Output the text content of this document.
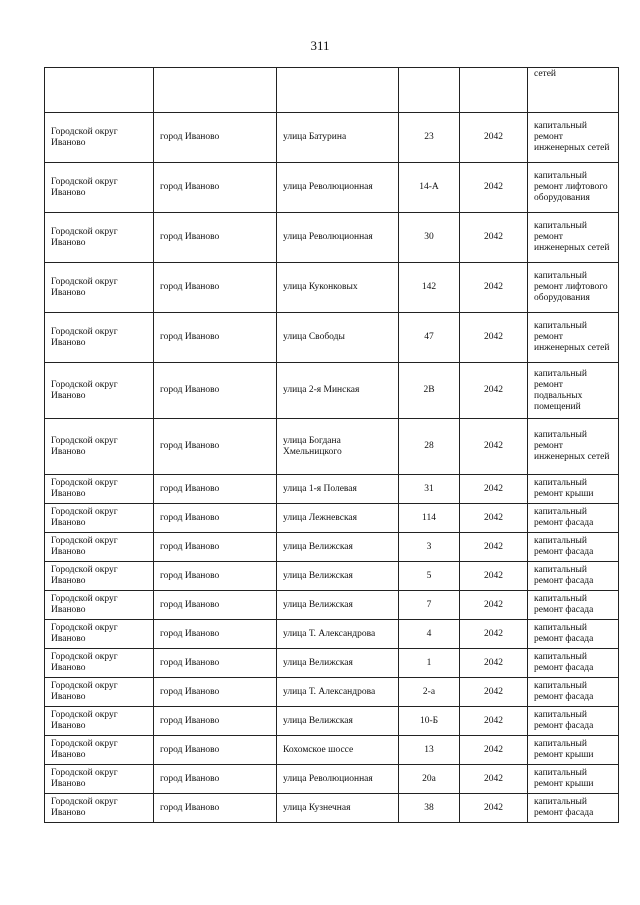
311

					сетей

Городской округ Иваново	город Иваново	улица Батурина	23	2042	капитальный ремонт инженерных сетей
Городской округ Иваново	город Иваново	улица Революционная	14-А	2042	капитальный ремонт лифтового оборудования
Городской округ Иваново	город Иваново	улица Революционная	30	2042	капитальный ремонт инженерных сетей
Городской округ Иваново	город Иваново	улица Куконковых	142	2042	капитальный ремонт лифтового оборудования
Городской округ Иваново	город Иваново	улица Свободы	47	2042	капитальный ремонт инженерных сетей
Городской округ Иваново	город Иваново	улица 2-я Минская	2В	2042	капитальный ремонт подвальных помещений
Городской округ Иваново	город Иваново	улица Богдана Хмельницкого	28	2042	капитальный ремонт инженерных сетей
Городской округ Иваново	город Иваново	улица 1-я Полевая	31	2042	капитальный ремонт крыши
Городской округ Иваново	город Иваново	улица Лежневская	114	2042	капитальный ремонт фасада
Городской округ Иваново	город Иваново	улица Велижская	3	2042	капитальный ремонт фасада
Городской округ Иваново	город Иваново	улица Велижская	5	2042	капитальный ремонт фасада
Городской округ Иваново	город Иваново	улица Велижская	7	2042	капитальный ремонт фасада
Городской округ Иваново	город Иваново	улица Т. Александрова	4	2042	капитальный ремонт фасада
Городской округ Иваново	город Иваново	улица Велижская	1	2042	капитальный ремонт фасада
Городской округ Иваново	город Иваново	улица Т. Александрова	2-а	2042	капитальный ремонт фасада
Городской округ Иваново	город Иваново	улица Велижская	10-Б	2042	капитальный ремонт фасада
Городской округ Иваново	город Иваново	Кохомское шоссе	13	2042	капитальный ремонт крыши
Городской округ Иваново	город Иваново	улица Революционная	20а	2042	капитальный ремонт крыши
Городской округ Иваново	город Иваново	улица Кузнечная	38	2042	капитальный ремонт фасада
